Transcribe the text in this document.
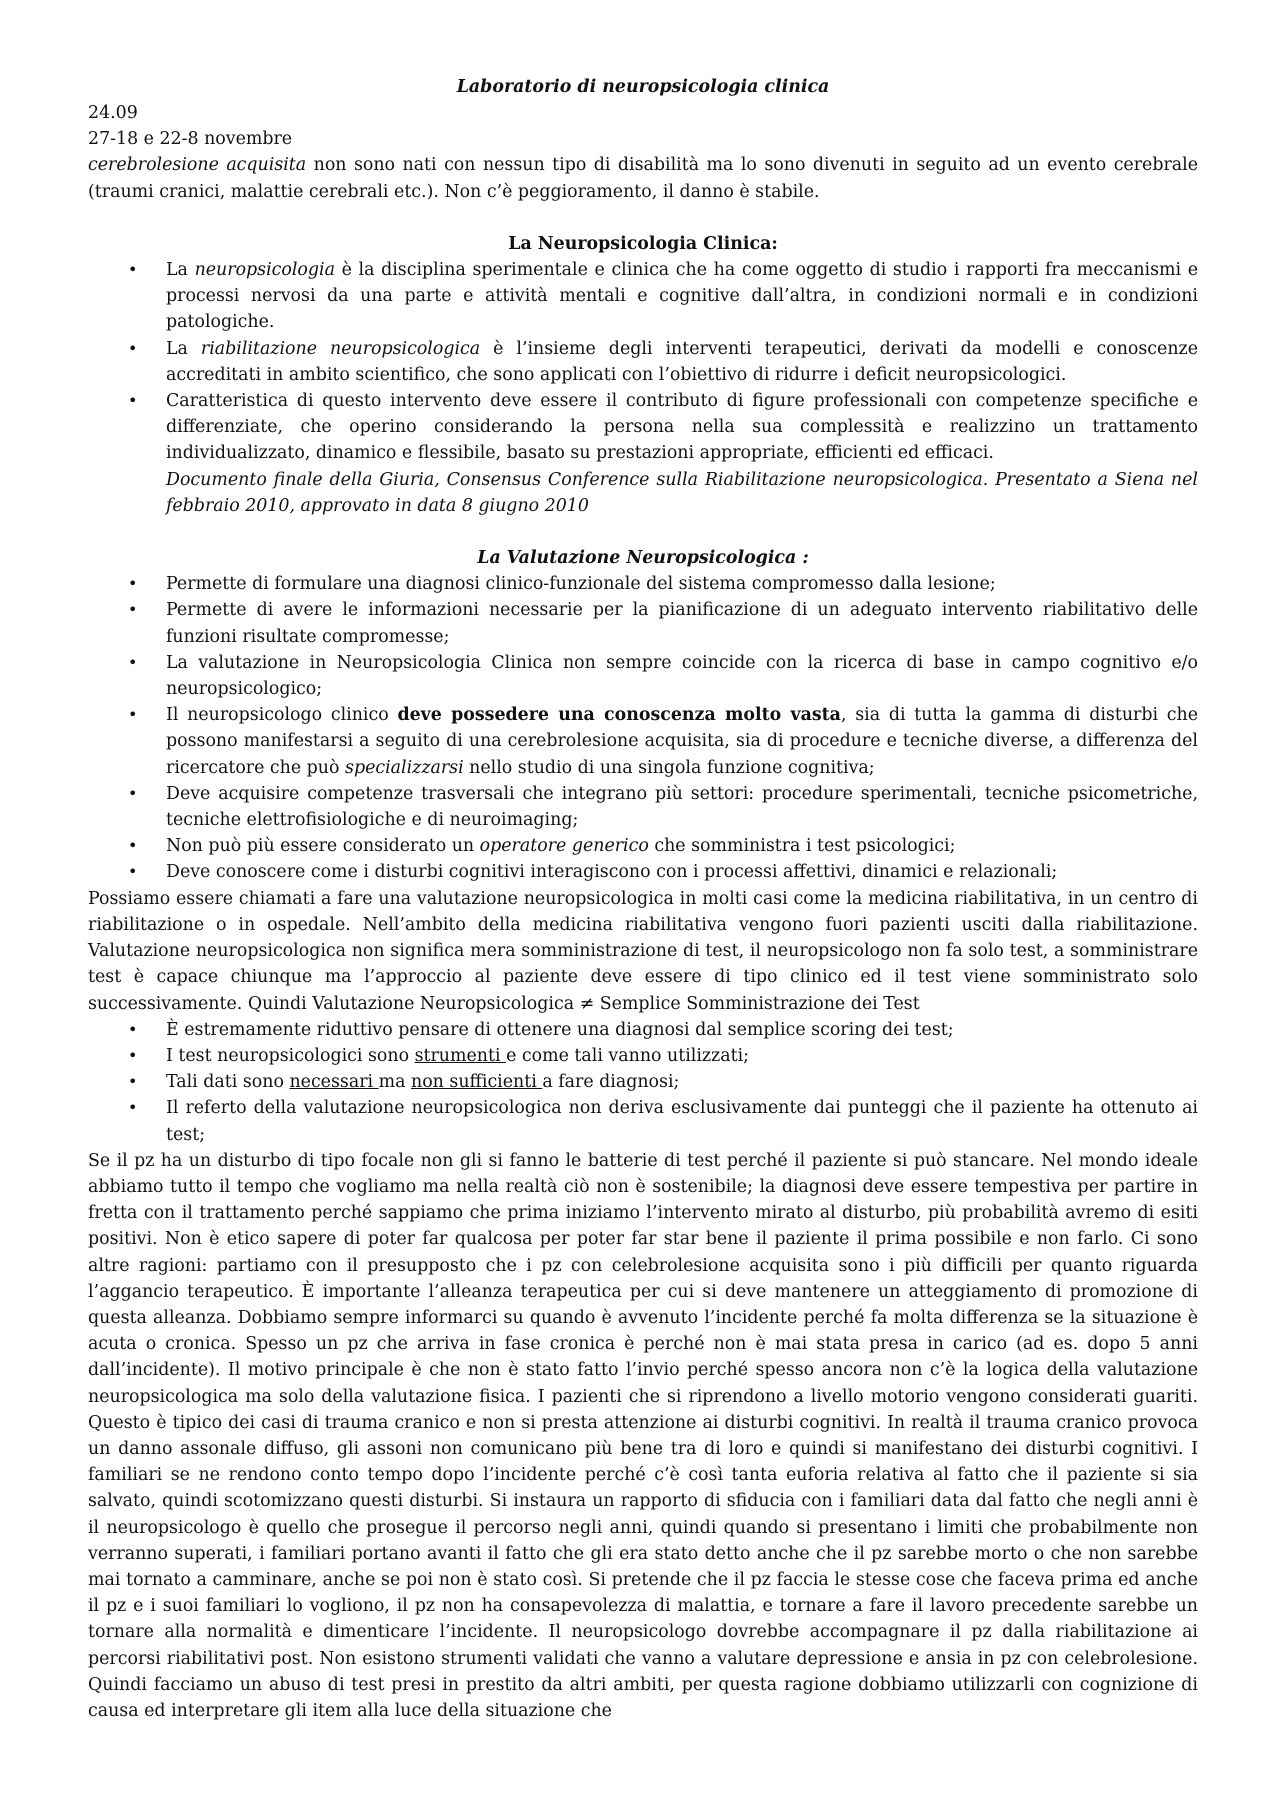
Laboratorio di neuropsicologia clinica

24.09

27-18 e 22-8 novembre

cerebrolesione acquisita non sono nati con nessun tipo di disabilità ma lo sono divenuti in seguito ad un evento cerebrale (traumi cranici, malattie cerebrali etc.). Non c’è peggioramento, il danno è stabile.

La Neuropsicologia Clinica:

• La neuropsicologia è la disciplina sperimentale e clinica che ha come oggetto di studio i rapporti fra meccanismi e processi nervosi da una parte e attività mentali e cognitive dall’altra, in condizioni normali e in condizioni patologiche.
• La riabilitazione neuropsicologica è l’insieme degli interventi terapeutici, derivati da modelli e conoscenze accreditati in ambito scientifico, che sono applicati con l’obiettivo di ridurre i deficit neuropsicologici.
• Caratteristica di questo intervento deve essere il contributo di figure professionali con competenze specifiche e differenziate, che operino considerando la persona nella sua complessità e realizzino un trattamento individualizzato, dinamico e flessibile, basato su prestazioni appropriate, efficienti ed efficaci.

Documento finale della Giuria, Consensus Conference sulla Riabilitazione neuropsicologica. Presentato a Siena nel febbraio 2010, approvato in data 8 giugno 2010

La Valutazione Neuropsicologica :

• Permette di formulare una diagnosi clinico-funzionale del sistema compromesso dalla lesione;
• Permette di avere le informazioni necessarie per la pianificazione di un adeguato intervento riabilitativo delle funzioni risultate compromesse;
• La valutazione in Neuropsicologia Clinica non sempre coincide con la ricerca di base in campo cognitivo e/o neuropsicologico;
• Il neuropsicologo clinico deve possedere una conoscenza molto vasta, sia di tutta la gamma di disturbi che possono manifestarsi a seguito di una cerebrolesione acquisita, sia di procedure e tecniche diverse, a differenza del ricercatore che può specializzarsi nello studio di una singola funzione cognitiva;
• Deve acquisire competenze trasversali che integrano più settori: procedure sperimentali, tecniche psicometriche, tecniche elettrofisiologiche e di neuroimaging;
• Non può più essere considerato un operatore generico che somministra i test psicologici;
• Deve conoscere come i disturbi cognitivi interagiscono con i processi affettivi, dinamici e relazionali;

Possiamo essere chiamati a fare una valutazione neuropsicologica in molti casi come la medicina riabilitativa, in un centro di riabilitazione o in ospedale. Nell’ambito della medicina riabilitativa vengono fuori pazienti usciti dalla riabilitazione. Valutazione neuropsicologica non significa mera somministrazione di test, il neuropsicologo non fa solo test, a somministrare test è capace chiunque ma l’approccio al paziente deve essere di tipo clinico ed il test viene somministrato solo successivamente. Quindi Valutazione Neuropsicologica ≠ Semplice Somministrazione dei Test

• È estremamente riduttivo pensare di ottenere una diagnosi dal semplice scoring dei test;
• I test neuropsicologici sono strumenti e come tali vanno utilizzati;
• Tali dati sono necessari ma non sufficienti a fare diagnosi;
• Il referto della valutazione neuropsicologica non deriva esclusivamente dai punteggi che il paziente ha ottenuto ai test;

Se il pz ha un disturbo di tipo focale non gli si fanno le batterie di test perché il paziente si può stancare. Nel mondo ideale abbiamo tutto il tempo che vogliamo ma nella realtà ciò non è sostenibile; la diagnosi deve essere tempestiva per partire in fretta con il trattamento perché sappiamo che prima iniziamo l’intervento mirato al disturbo, più probabilità avremo di esiti positivi. Non è etico sapere di poter far qualcosa per poter far star bene il paziente il prima possibile e non farlo. Ci sono altre ragioni: partiamo con il presupposto che i pz con celebrolesione acquisita sono i più difficili per quanto riguarda l’aggancio terapeutico. È importante l’alleanza terapeutica per cui si deve mantenere un atteggiamento di promozione di questa alleanza. Dobbiamo sempre informarci su quando è avvenuto l’incidente perché fa molta differenza se la situazione è acuta o cronica. Spesso un pz che arriva in fase cronica è perché non è mai stata presa in carico (ad es. dopo 5 anni dall’incidente). Il motivo principale è che non è stato fatto l’invio perché spesso ancora non c’è la logica della valutazione neuropsicologica ma solo della valutazione fisica. I pazienti che si riprendono a livello motorio vengono considerati guariti. Questo è tipico dei casi di trauma cranico e non si presta attenzione ai disturbi cognitivi. In realtà il trauma cranico provoca un danno assonale diffuso, gli assoni non comunicano più bene tra di loro e quindi si manifestano dei disturbi cognitivi. I familiari se ne rendono conto tempo dopo l’incidente perché c’è così tanta euforia relativa al fatto che il paziente si sia salvato, quindi scotomizzano questi disturbi. Si instaura un rapporto di sfiducia con i familiari data dal fatto che negli anni è il neuropsicologo è quello che prosegue il percorso negli anni, quindi quando si presentano i limiti che probabilmente non verranno superati, i familiari portano avanti il fatto che gli era stato detto anche che il pz sarebbe morto o che non sarebbe mai tornato a camminare, anche se poi non è stato così. Si pretende che il pz faccia le stesse cose che faceva prima ed anche il pz e i suoi familiari lo vogliono, il pz non ha consapevolezza di malattia, e tornare a fare il lavoro precedente sarebbe un tornare alla normalità e dimenticare l’incidente. Il neuropsicologo dovrebbe accompagnare il pz dalla riabilitazione ai percorsi riabilitativi post. Non esistono strumenti validati che vanno a valutare depressione e ansia in pz con celebrolesione. Quindi facciamo un abuso di test presi in prestito da altri ambiti, per questa ragione dobbiamo utilizzarli con cognizione di causa ed interpretare gli item alla luce della situazione che
